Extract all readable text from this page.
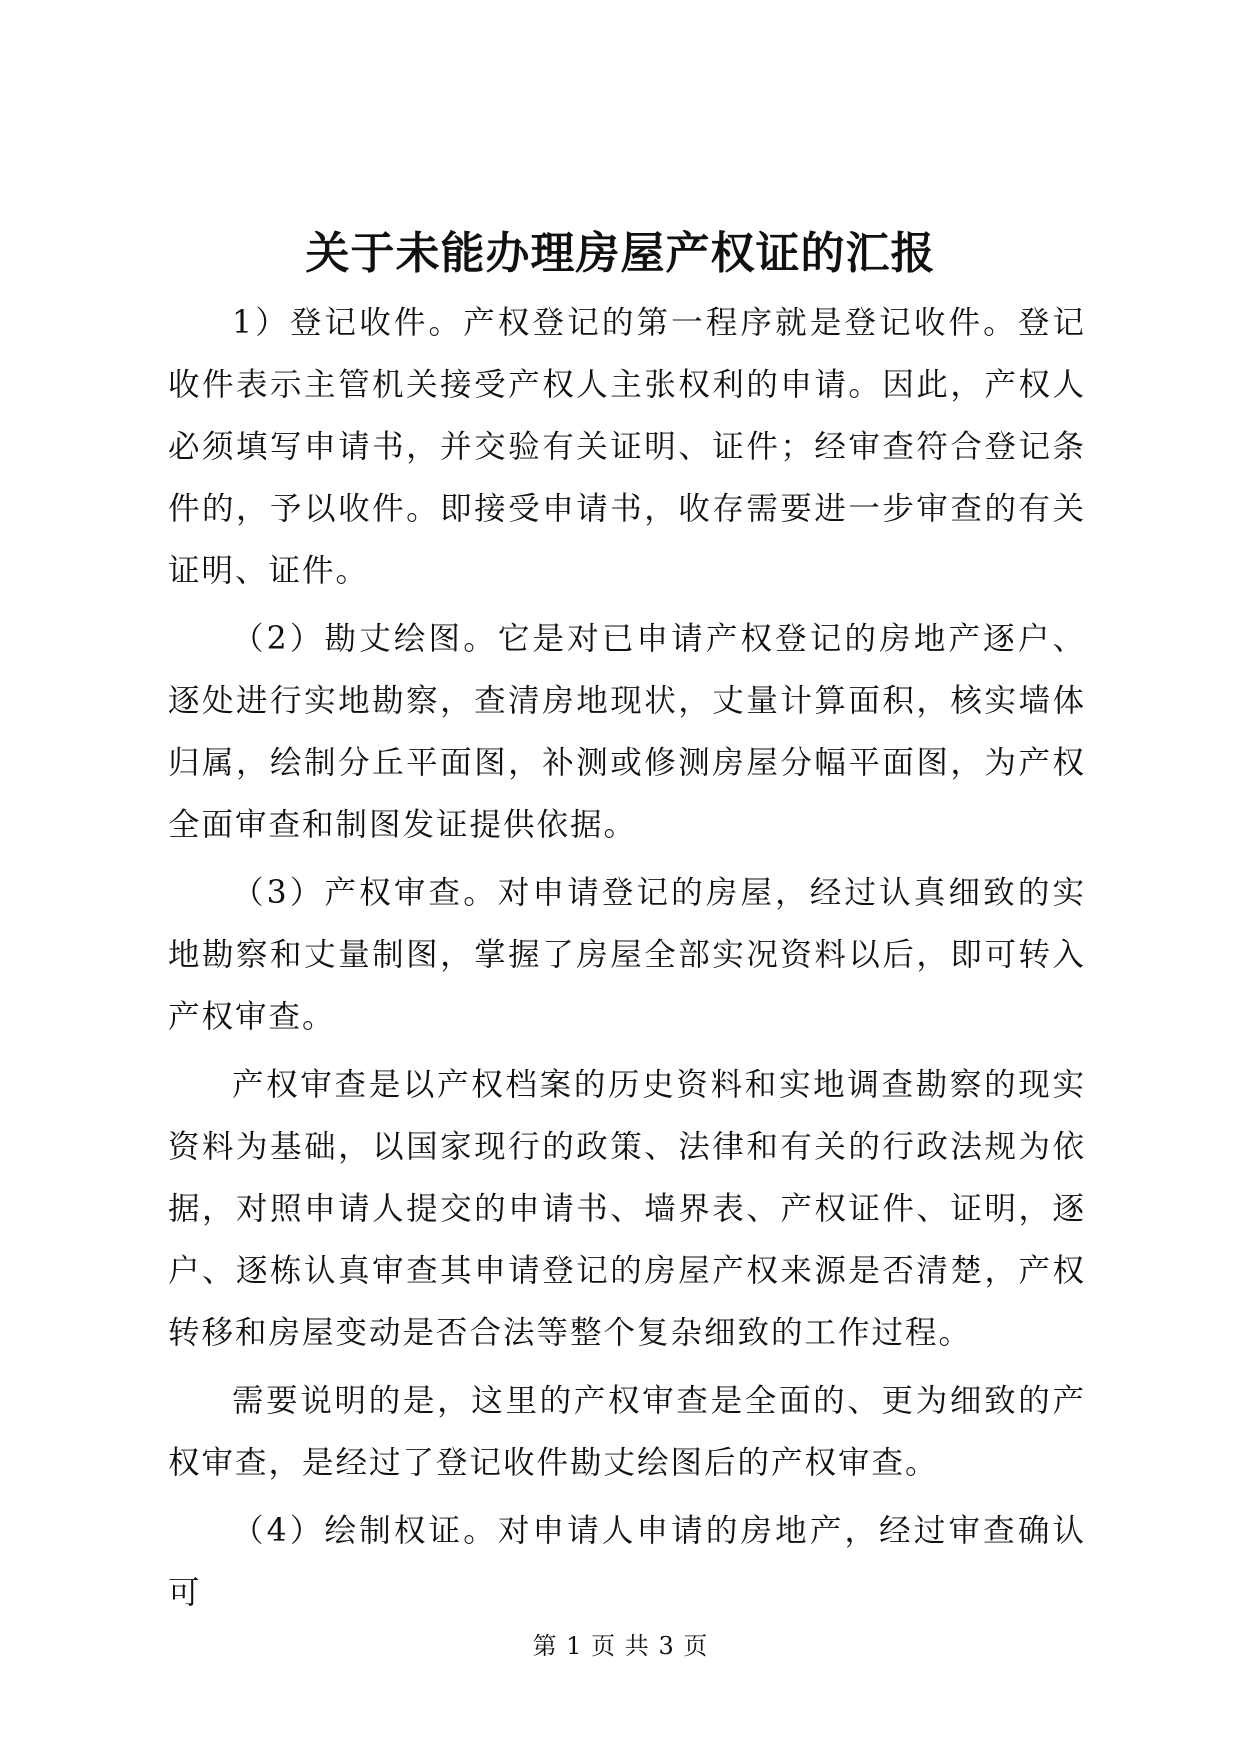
关于未能办理房屋产权证的汇报

1）登记收件。产权登记的第一程序就是登记收件。登记收件表示主管机关接受产权人主张权利的申请。因此，产权人必须填写申请书，并交验有关证明、证件；经审查符合登记条件的，予以收件。即接受申请书，收存需要进一步审查的有关证明、证件。

（2）勘丈绘图。它是对已申请产权登记的房地产逐户、逐处进行实地勘察，查清房地现状，丈量计算面积，核实墙体归属，绘制分丘平面图，补测或修测房屋分幅平面图，为产权全面审查和制图发证提供依据。

（3）产权审查。对申请登记的房屋，经过认真细致的实地勘察和丈量制图，掌握了房屋全部实况资料以后，即可转入产权审查。

产权审查是以产权档案的历史资料和实地调查勘察的现实资料为基础，以国家现行的政策、法律和有关的行政法规为依据，对照申请人提交的申请书、墙界表、产权证件、证明，逐户、逐栋认真审查其申请登记的房屋产权来源是否清楚，产权转移和房屋变动是否合法等整个复杂细致的工作过程。

需要说明的是，这里的产权审查是全面的、更为细致的产权审查，是经过了登记收件勘丈绘图后的产权审查。

（4）绘制权证。对申请人申请的房地产，经过审查确认可

第 1 页 共 3 页
